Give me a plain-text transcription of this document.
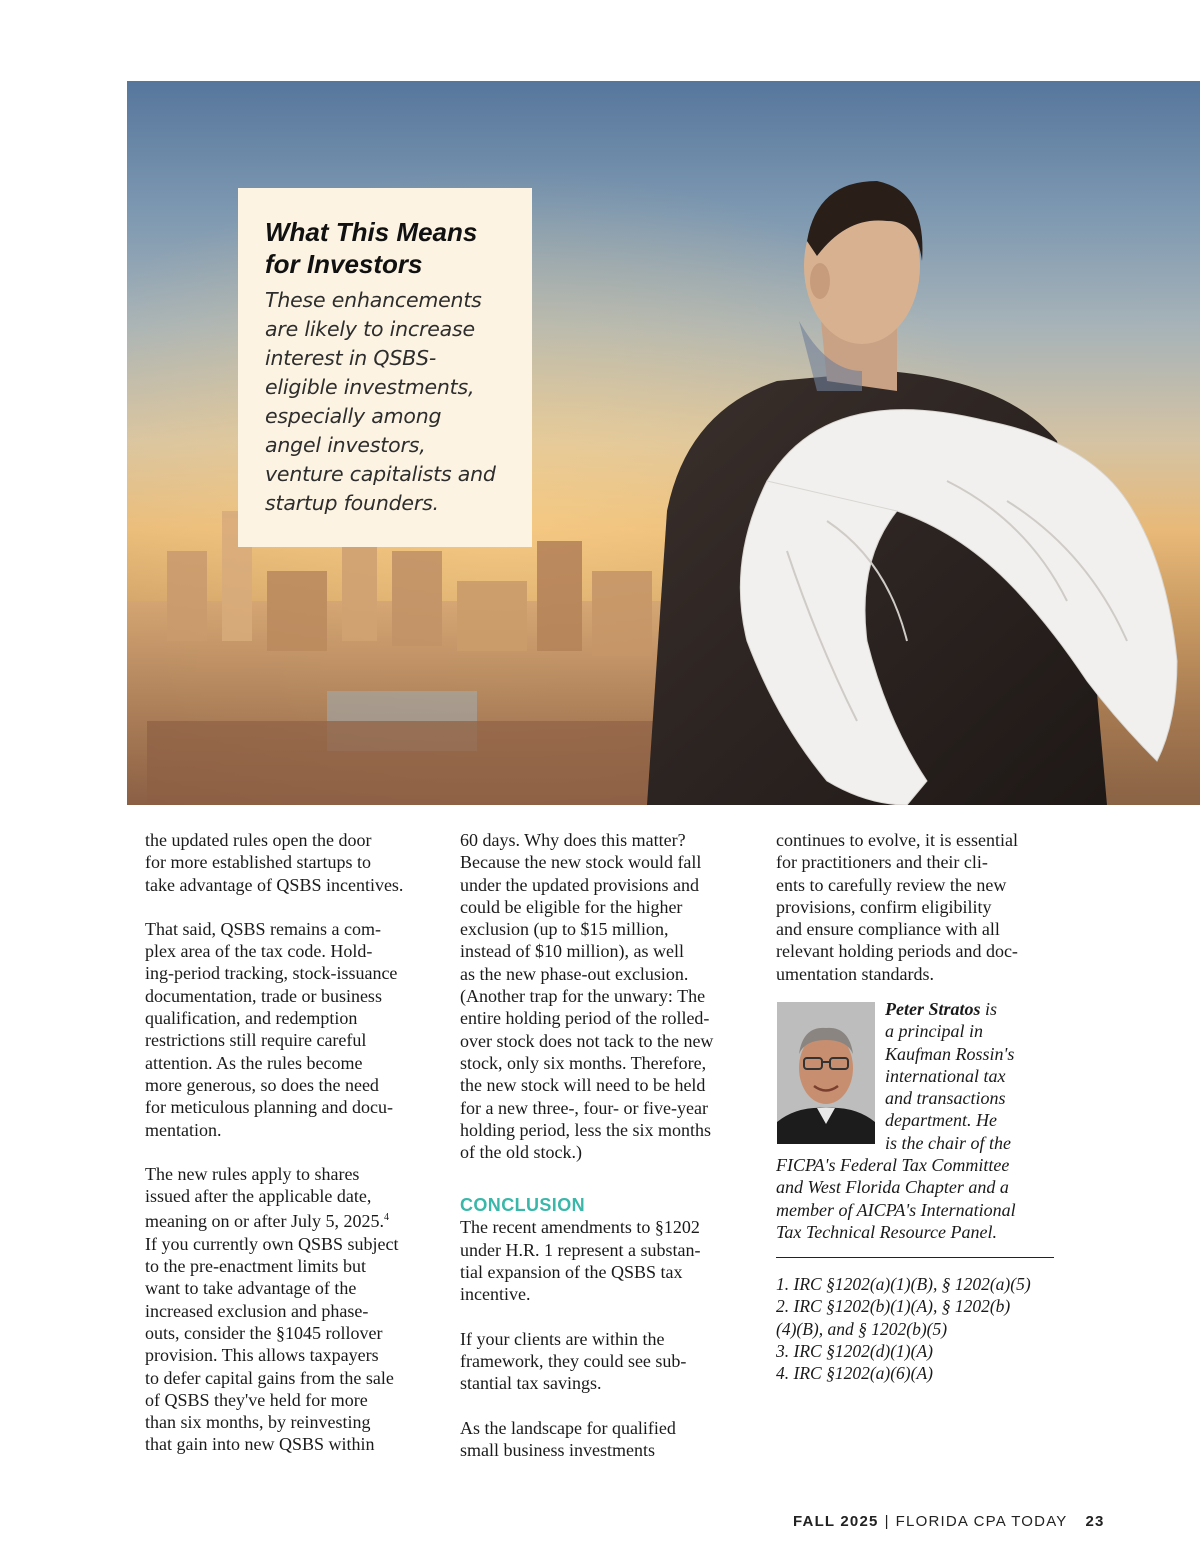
What This Means
for Investors
These enhancements
are likely to increase
interest in QSBS-
eligible investments,
especially among
angel investors,
venture capitalists and
startup founders.

the updated rules open the door
for more established startups to
take advantage of QSBS incentives.

That said, QSBS remains a com-
plex area of the tax code. Hold-
ing-period tracking, stock-issuance
documentation, trade or business
qualification, and redemption
restrictions still require careful
attention. As the rules become
more generous, so does the need
for meticulous planning and docu-
mentation.

The new rules apply to shares
issued after the applicable date,
meaning on or after July 5, 2025.$^4$
If you currently own QSBS subject
to the pre-enactment limits but
want to take advantage of the
increased exclusion and phase-
outs, consider the §1045 rollover
provision. This allows taxpayers
to defer capital gains from the sale
of QSBS they've held for more
than six months, by reinvesting
that gain into new QSBS within

60 days. Why does this matter?
Because the new stock would fall
under the updated provisions and
could be eligible for the higher
exclusion (up to $15 million,
instead of $10 million), as well
as the new phase-out exclusion.
(Another trap for the unwary: The
entire holding period of the rolled-
over stock does not tack to the new
stock, only six months. Therefore,
the new stock will need to be held
for a new three-, four- or five-year
holding period, less the six months
of the old stock.)

CONCLUSION

The recent amendments to §1202
under H.R. 1 represent a substan-
tial expansion of the QSBS tax
incentive.

If your clients are within the
framework, they could see sub-
stantial tax savings.

As the landscape for qualified
small business investments

continues to evolve, it is essential
for practitioners and their cli-
ents to carefully review the new
provisions, confirm eligibility
and ensure compliance with all
relevant holding periods and doc-
umentation standards.

Peter Stratos is
a principal in
Kaufman Rossin's
international tax
and transactions
department. He
is the chair of the
FICPA's Federal Tax Committee
and West Florida Chapter and a
member of AICPA's International
Tax Technical Resource Panel.
1. IRC §1202(a)(1)(B), § 1202(a)(5)
2. IRC §1202(b)(1)(A), § 1202(b)
(4)(B), and § 1202(b)(5)
3. IRC §1202(d)(1)(A)
4. IRC §1202(a)(6)(A)
FALL 2025 | FLORIDA CPA TODAY 23
